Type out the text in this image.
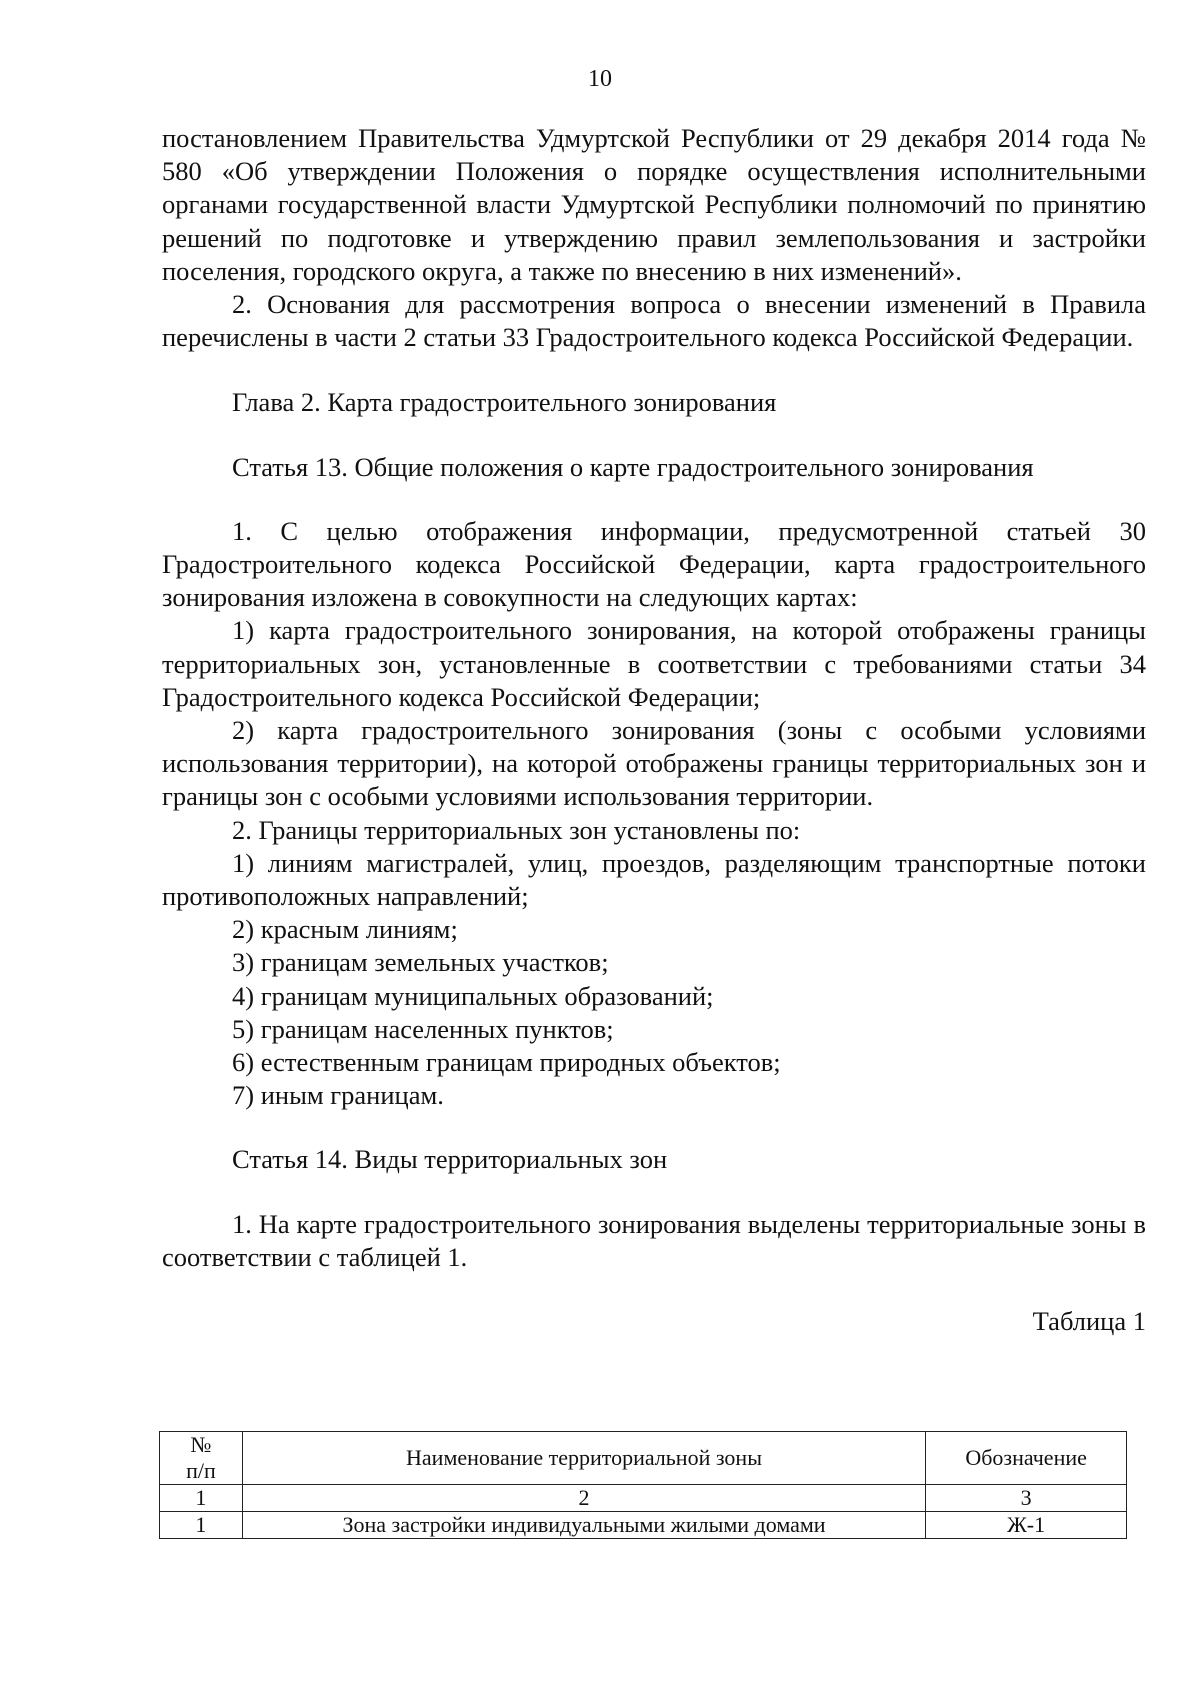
10

постановлением Правительства Удмуртской Республики от 29 декабря 2014 года № 580 «Об утверждении Положения о порядке осуществления исполнительными органами государственной власти Удмуртской Республики полномочий по принятию решений по подготовке и утверждению правил землепользования и застройки поселения, городского округа, а также по внесению в них изменений».

2. Основания для рассмотрения вопроса о внесении изменений в Правила перечислены в части 2 статьи 33 Градостроительного кодекса Российской Федерации.

Глава 2. Карта градостроительного зонирования

Статья 13. Общие положения о карте градостроительного зонирования

1. С целью отображения информации, предусмотренной статьей 30 Градостроительного кодекса Российской Федерации, карта градостроительного зонирования изложена в совокупности на следующих картах:

1) карта градостроительного зонирования, на которой отображены границы территориальных зон, установленные в соответствии с требованиями статьи 34 Градостроительного кодекса Российской Федерации;

2) карта градостроительного зонирования (зоны с особыми условиями использования территории), на которой отображены границы территориальных зон и границы зон с особыми условиями использования территории.

2. Границы территориальных зон установлены по:

1) линиям магистралей, улиц, проездов, разделяющим транспортные потоки противоположных направлений;

2) красным линиям;

3) границам земельных участков;

4) границам муниципальных образований;

5) границам населенных пунктов;

6) естественным границам природных объектов;

7) иным границам.

Статья 14. Виды территориальных зон

1. На карте градостроительного зонирования выделены территориальные зоны в соответствии с таблицей 1.

Таблица 1

№
п/п	Наименование территориальной зоны	Обозначение
1	2	3
1	Зона застройки индивидуальными жилыми домами	Ж-1
